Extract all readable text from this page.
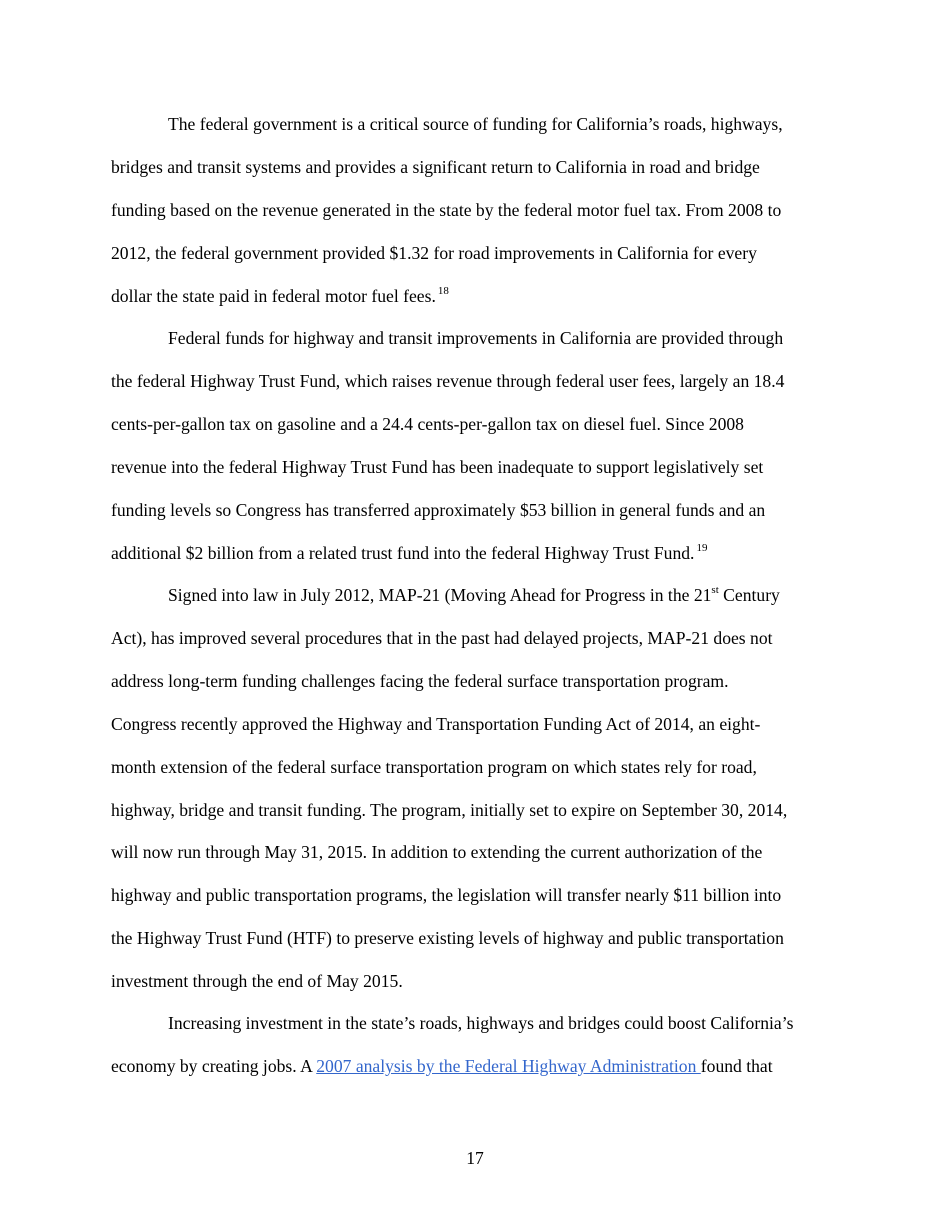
The federal government is a critical source of funding for California’s roads, highways,
bridges and transit systems and provides a significant return to California in road and bridge
funding based on the revenue generated in the state by the federal motor fuel tax. From 2008 to
2012, the federal government provided $1.32 for road improvements in California for every
dollar the state paid in federal motor fuel fees. $^{18}$
Federal funds for highway and transit improvements in California are provided through
the federal Highway Trust Fund, which raises revenue through federal user fees, largely an 18.4
cents-per-gallon tax on gasoline and a 24.4 cents-per-gallon tax on diesel fuel. Since 2008
revenue into the federal Highway Trust Fund has been inadequate to support legislatively set
funding levels so Congress has transferred approximately $53 billion in general funds and an
additional $2 billion from a related trust fund into the federal Highway Trust Fund. $^{19}$
Signed into law in July 2012, MAP-21 (Moving Ahead for Progress in the 21st Century
Act), has improved several procedures that in the past had delayed projects, MAP-21 does not
address long-term funding challenges facing the federal surface transportation program.
Congress recently approved the Highway and Transportation Funding Act of 2014, an eight-
month extension of the federal surface transportation program on which states rely for road,
highway, bridge and transit funding. The program, initially set to expire on September 30, 2014,
will now run through May 31, 2015. In addition to extending the current authorization of the
highway and public transportation programs, the legislation will transfer nearly $11 billion into
the Highway Trust Fund (HTF) to preserve existing levels of highway and public transportation
investment through the end of May 2015.
Increasing investment in the state’s roads, highways and bridges could boost California’s
economy by creating jobs. A 2007 analysis by the Federal Highway Administration found that
17
